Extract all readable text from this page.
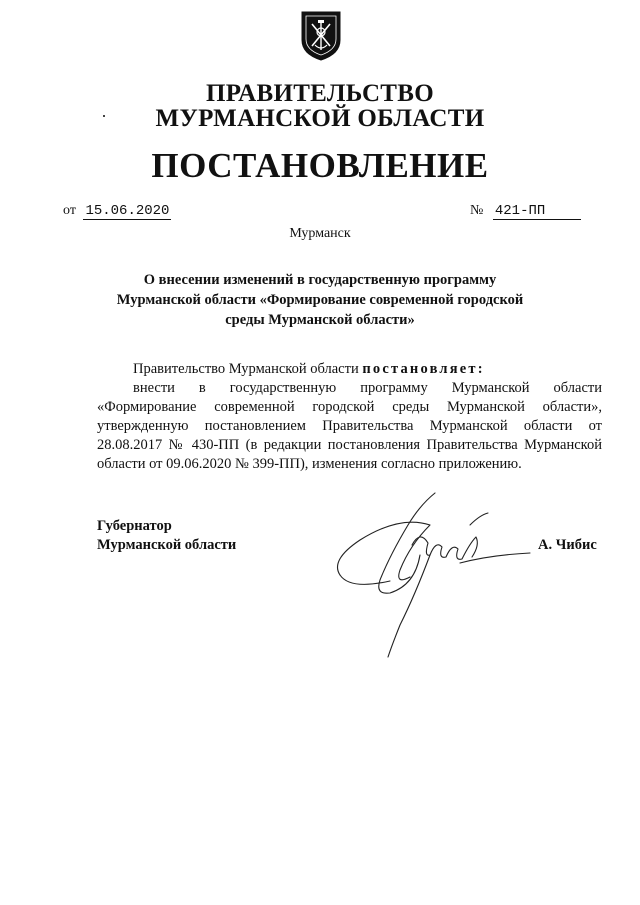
ПРАВИТЕЛЬСТВО
МУРМАНСКОЙ ОБЛАСТИ
ПОСТАНОВЛЕНИЕ
от 15.06.2020	№ 421-ПП
Мурманск
О внесении изменений в государственную программу
Мурманской области «Формирование современной городской
среды Мурманской области»

Правительство Мурманской области постановляет:

внести в государственную программу Мурманской области «Формирование современной городской среды Мурманской области», утвержденную постановлением Правительства Мурманской области от 28.08.2017 № 430-ПП (в редакции постановления Правительства Мурманской области от 09.06.2020 № 399-ПП), изменения согласно приложению.

Губернатор
Мурманской области	А. Чибис
